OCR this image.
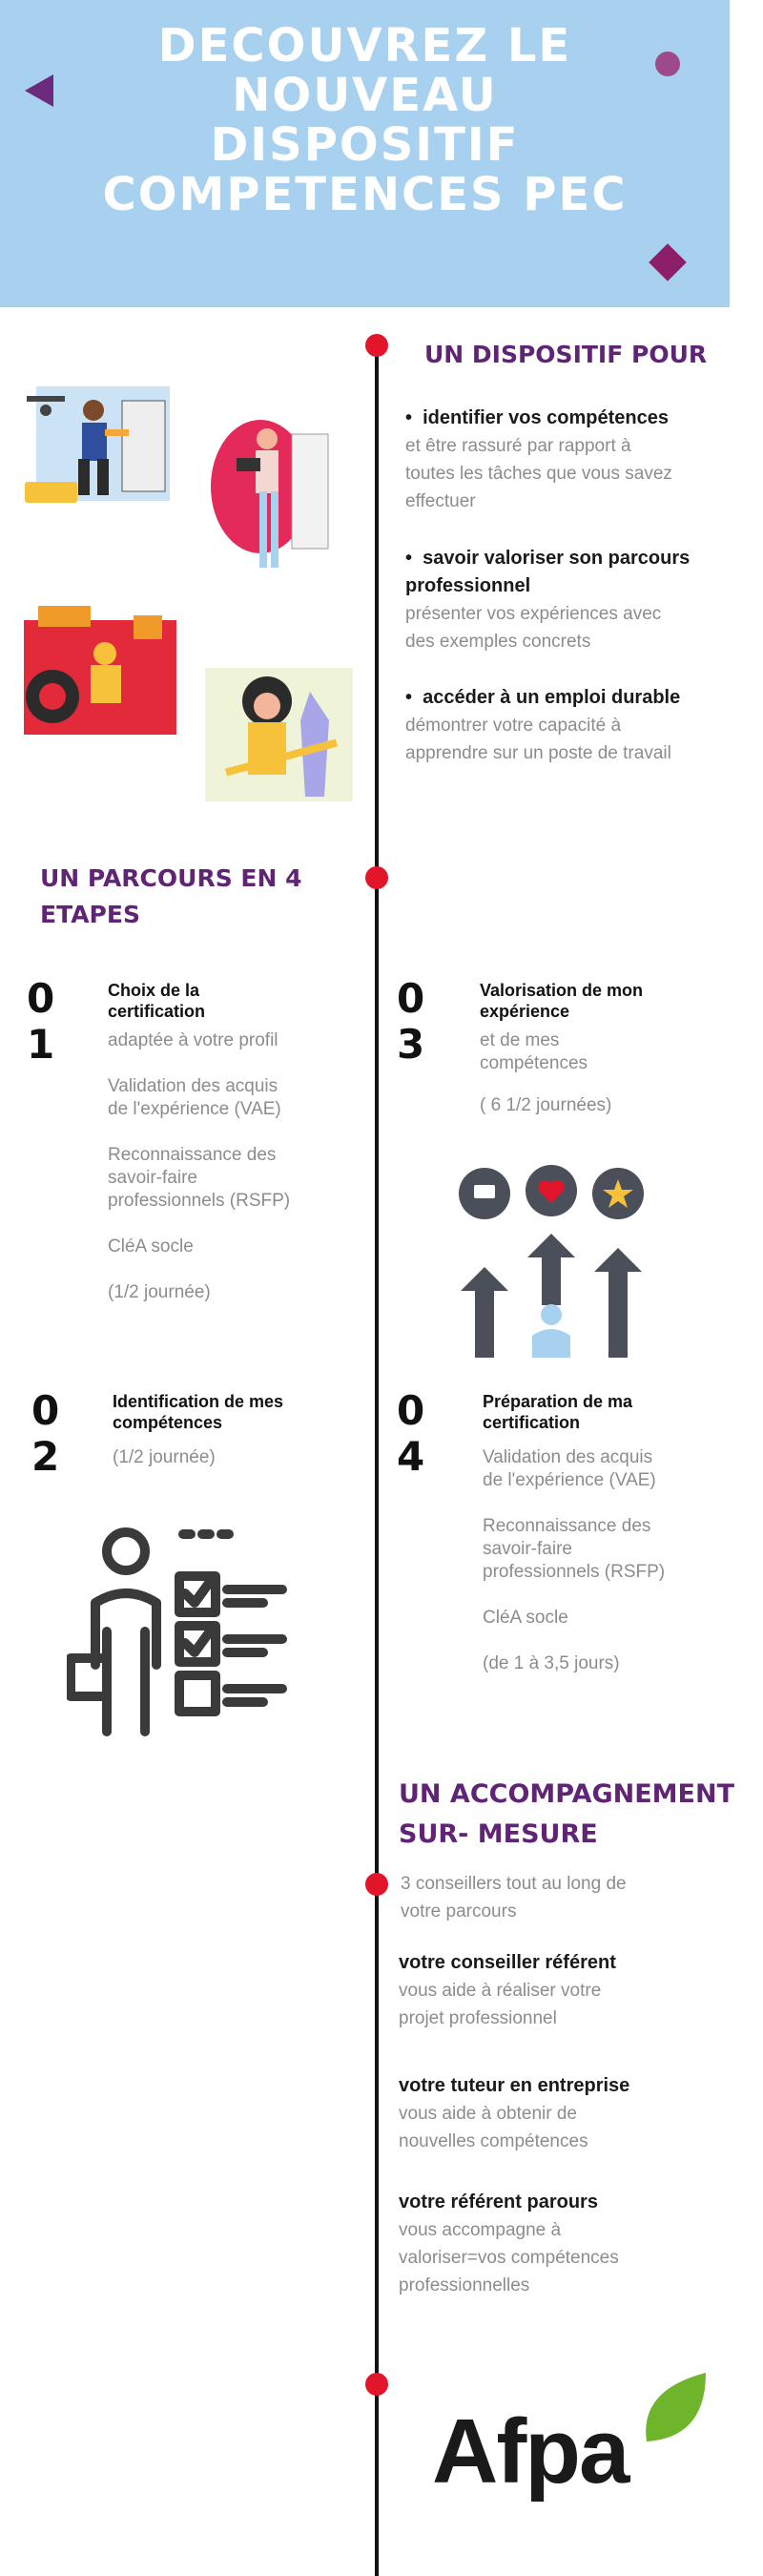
DECOUVREZ LE
NOUVEAU
DISPOSITIF
COMPETENCES PEC
UN DISPOSITIF POUR
•  identifier vos compétences
et être rassuré par rapport à
toutes les tâches que vous savez
effectuer
•  savoir valoriser son parcours
professionnel
présenter vos expériences avec
des exemples concrets
•  accéder à un emploi durable
démontrer votre capacité à
apprendre sur un poste de travail
UN PARCOURS EN 4
ETAPES
0
1
Choix de la
certification
adaptée à votre profil
Validation des acquis
de l'expérience (VAE)
Reconnaissance des
savoir-faire
professionnels (RSFP)
CléA socle
(1/2 journée)
0
3
Valorisation de mon
expérience
et de mes
compétences
( 6 1/2 journées)
0
2
Identification de mes
compétences
(1/2 journée)
0
4
Préparation de ma
certification
Validation des acquis
de l'expérience (VAE)
Reconnaissance des
savoir-faire
professionnels (RSFP)
CléA socle
(de 1 à 3,5 jours)
UN ACCOMPAGNEMENT
SUR- MESURE
3 conseillers tout au long de
votre parcours
votre conseiller référent
vous aide à réaliser votre
projet professionnel
votre tuteur en entreprise
vous aide à obtenir de
nouvelles compétences
votre référent parours
vous accompagne à
valoriser=vos compétences
professionnelles
Afpa
